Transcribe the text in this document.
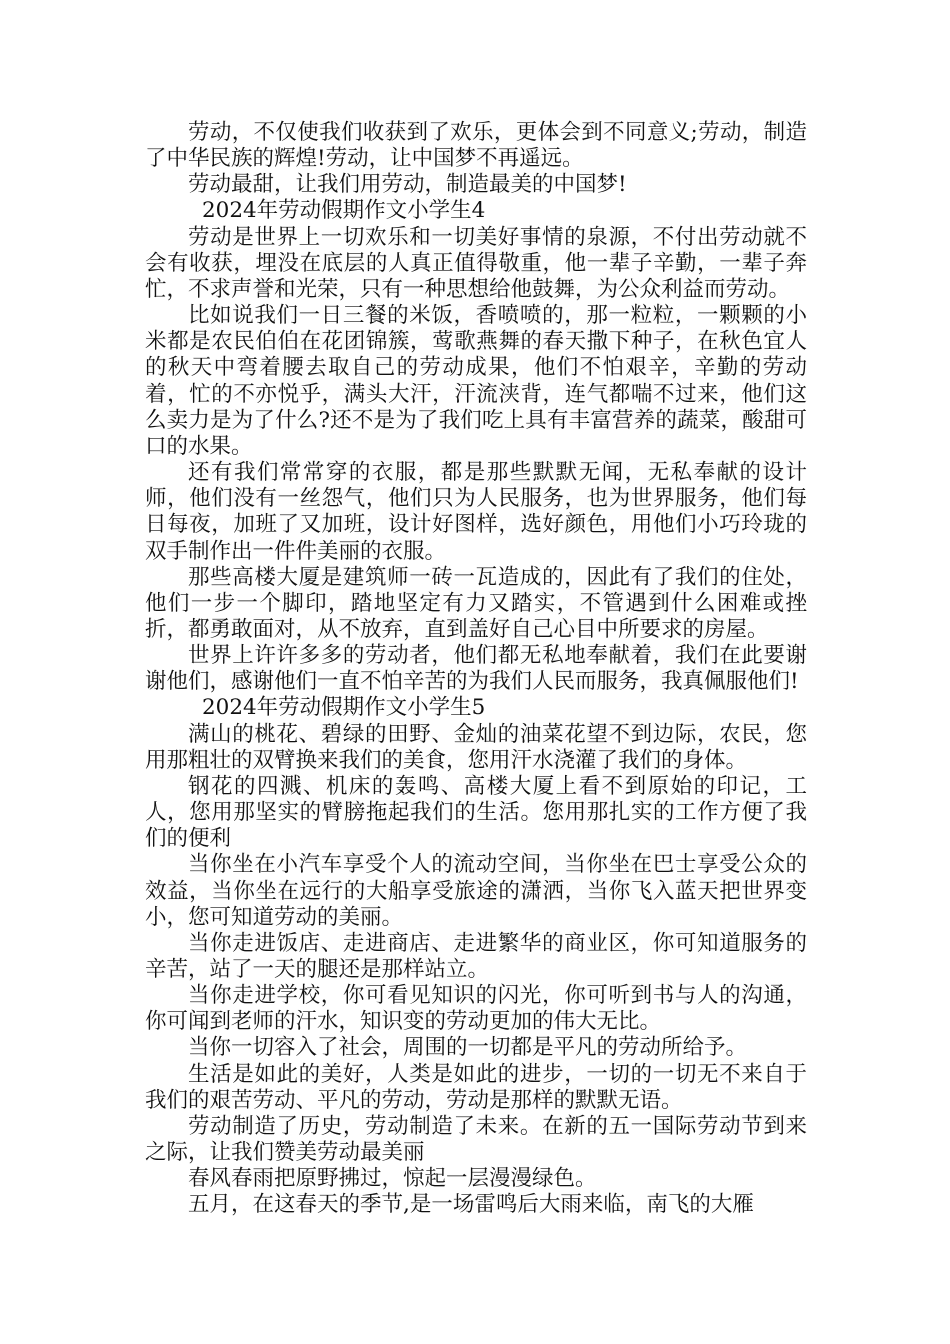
劳动，不仅使我们收获到了欢乐，更体会到不同意义;劳动，制造了中华民族的辉煌!劳动，让中国梦不再遥远。

劳动最甜，让我们用劳动，制造最美的中国梦!

2024年劳动假期作文小学生4

劳动是世界上一切欢乐和一切美好事情的泉源，不付出劳动就不会有收获，埋没在底层的人真正值得敬重，他一辈子辛勤，一辈子奔忙，不求声誉和光荣，只有一种思想给他鼓舞，为公众利益而劳动。

比如说我们一日三餐的米饭，香喷喷的，那一粒粒，一颗颗的小米都是农民伯伯在花团锦簇，莺歌燕舞的春天撒下种子，在秋色宜人的秋天中弯着腰去取自己的劳动成果，他们不怕艰辛，辛勤的劳动着，忙的不亦悦乎，满头大汗，汗流浃背，连气都喘不过来，他们这么卖力是为了什么?还不是为了我们吃上具有丰富营养的蔬菜，酸甜可口的水果。

还有我们常常穿的衣服，都是那些默默无闻，无私奉献的设计师，他们没有一丝怨气，他们只为人民服务，也为世界服务，他们每日每夜，加班了又加班，设计好图样，选好颜色，用他们小巧玲珑的双手制作出一件件美丽的衣服。

那些高楼大厦是建筑师一砖一瓦造成的，因此有了我们的住处，他们一步一个脚印，踏地坚定有力又踏实，不管遇到什么困难或挫折，都勇敢面对，从不放弃，直到盖好自己心目中所要求的房屋。

世界上许许多多的劳动者，他们都无私地奉献着，我们在此要谢谢他们，感谢他们一直不怕辛苦的为我们人民而服务，我真佩服他们!

2024年劳动假期作文小学生5

满山的桃花、碧绿的田野、金灿的油菜花望不到边际，农民，您用那粗壮的双臂换来我们的美食，您用汗水浇灌了我们的身体。

钢花的四溅、机床的轰鸣、高楼大厦上看不到原始的印记，工人，您用那坚实的臂膀拖起我们的生活。您用那扎实的工作方便了我们的便利

当你坐在小汽车享受个人的流动空间，当你坐在巴士享受公众的效益，当你坐在远行的大船享受旅途的潇洒，当你飞入蓝天把世界变小，您可知道劳动的美丽。

当你走进饭店、走进商店、走进繁华的商业区，你可知道服务的辛苦，站了一天的腿还是那样站立。

当你走进学校，你可看见知识的闪光，你可听到书与人的沟通，你可闻到老师的汗水，知识变的劳动更加的伟大无比。

当你一切容入了社会，周围的一切都是平凡的劳动所给予。

生活是如此的美好，人类是如此的进步，一切的一切无不来自于我们的艰苦劳动、平凡的劳动，劳动是那样的默默无语。

劳动制造了历史，劳动制造了未来。在新的五一国际劳动节到来之际，让我们赞美劳动最美丽

春风春雨把原野拂过，惊起一层漫漫绿色。

五月，在这春天的季节,是一场雷鸣后大雨来临，南飞的大雁
